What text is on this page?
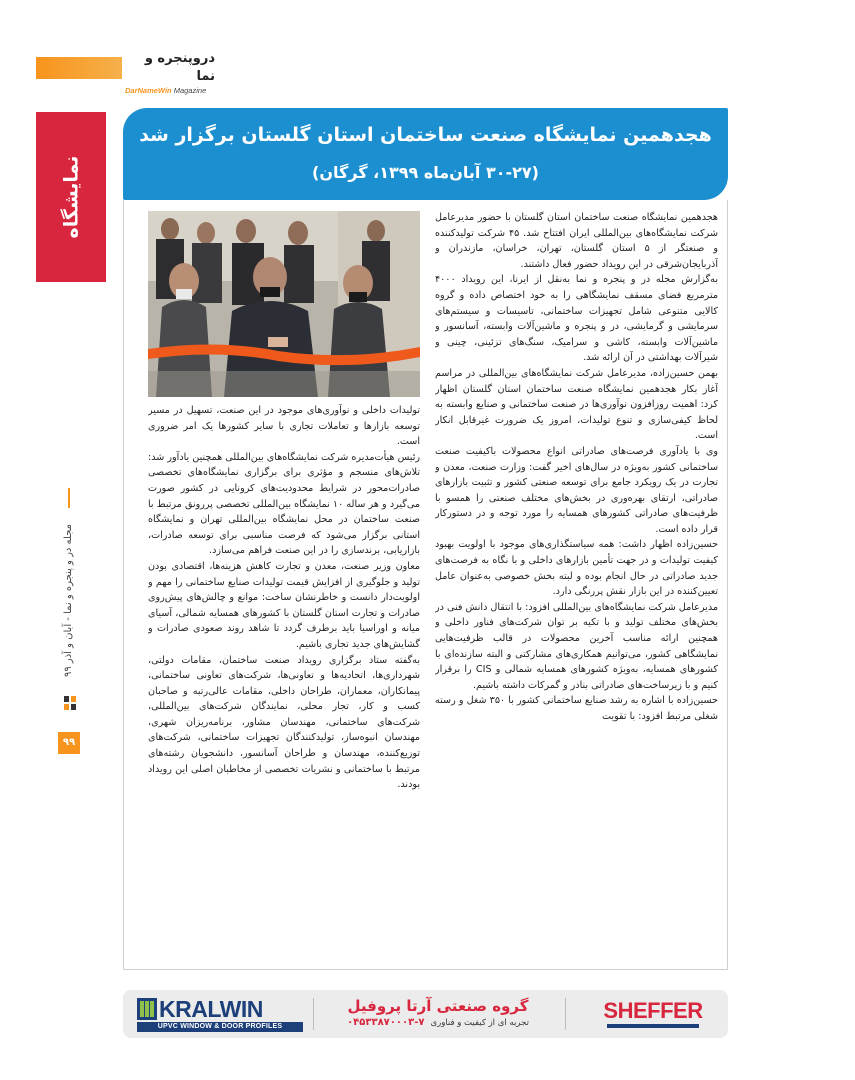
دروپنجره و نما
DarNameWin Magazine
نمایشگاه
مجله در و پنجره و نما - آبان و آذر ۹۹
۹۹
هجدهمین نمایشگاه صنعت ساختمان استان گلستان برگزار شد
(۳۰-۲۷ آبان‌ماه ۱۳۹۹، گرگان)

هجدهمین نمایشگاه صنعت ساختمان استان گلستان با حضور مدیرعامل شرکت نمایشگاه‌های بین‌المللی ایران افتتاح شد. ۴۵ شرکت تولیدکننده و صنعتگر از ۵ استان گلستان، تهران، خراسان، مازندران و آذربایجان‌شرقی در این رویداد حضور فعال داشتند.

به‌گزارش مجله در و پنجره و نما به‌نقل از ایرنا، این رویداد ۴۰۰۰ مترمربع فضای مسقف نمایشگاهی را به خود اختصاص داده و گروه کالایی متنوعی شامل تجهیزات ساختمانی، تاسیسات و سیستم‌های سرمایشی و گرمایشی، در و پنجره و ماشین‌آلات وابسته، آسانسور و ماشین‌آلات وابسته، کاشی و سرامیک، سنگ‌های تزئینی، چینی و شیرآلات بهداشتی در آن ارائه شد.

بهمن حسین‌زاده، مدیرعامل شرکت نمایشگاه‌های بین‌المللی در مراسم آغاز بکار هجدهمین نمایشگاه صنعت ساختمان استان گلستان اظهار کرد: اهمیت روزافزون نوآوری‌ها در صنعت ساختمانی و صنایع وابسته به لحاظ کیفی‌سازی و تنوع تولیدات، امروز یک ضرورت غیرقابل انکار است.

وی با یادآوری فرصت‌های صادراتی انواع محصولات باکیفیت صنعت ساختمانی کشور به‌ویژه در سال‌های اخیر گفت: وزارت صنعت، معدن و تجارت در یک رویکرد جامع برای توسعه صنعتی کشور و تثبیت بازارهای صادراتی، ارتقای بهره‌وری در بخش‌های مختلف صنعتی را همسو با ظرفیت‌های صادراتی کشورهای همسایه را مورد توجه و در دستورکار قرار داده است.

حسین‌زاده اظهار داشت: همه سیاستگذاری‌های موجود با اولویت بهبود کیفیت تولیدات و در جهت تأمین بازارهای داخلی و با نگاه به فرصت‌های جدید صادراتی در حال انجام بوده و لبته بخش خصوصی به‌عنوان عامل تعیین‌کننده در این بازار نقش پررنگی دارد.

مدیرعامل شرکت نمایشگاه‌های بین‌المللی افزود: با انتقال دانش فنی در بخش‌های مختلف تولید و با تکیه بر توان شرکت‌های فناور داخلی و همچنین ارائه مناسب آخرین محصولات در قالب ظرفیت‌هایی نمایشگاهی کشور، می‌توانیم همکاری‌های مشارکتی و البته سازنده‌ای با کشورهای همسایه، به‌ویژه کشورهای همسایه شمالی و CIS را برقرار کنیم و با زیرساخت‌های صادراتی بنادر و گمرکات داشته باشیم.

حسین‌زاده با اشاره به رشد صنایع ساختمانی کشور با ۳۵۰ شغل و رسته شغلی مرتبط افزود: با تقویت

تولیدات داخلی و نوآوری‌های موجود در این صنعت، تسهیل در مسیر توسعه بازارها و تعاملات تجاری با سایر کشورها یک امر ضروری است.

رئیس هیأت‌مدیره شرکت نمایشگاه‌های بین‌المللی همچنین یادآور شد: تلاش‌های منسجم و مؤثری برای برگزاری نمایشگاه‌های تخصصی صادرات‌محور در شرایط محدودیت‌های کرونایی در کشور صورت می‌گیرد و هر ساله ۱۰ نمایشگاه بین‌المللی تخصصی پررونق مرتبط با صنعت ساختمان در محل نمایشگاه بین‌المللی تهران و نمایشگاه استانی برگزار می‌شود که فرصت مناسبی برای توسعه صادرات، بازاریابی، برندسازی را در این صنعت فراهم می‌سازد.

معاون وزیر صنعت، معدن و تجارت کاهش هزینه‌ها، اقتصادی بودن تولید و جلوگیری از افزایش قیمت تولیدات صنایع ساختمانی را مهم و اولویت‌دار دانست و خاطرنشان ساخت: موانع و چالش‌های پیش‌روی صادرات و تجارت استان گلستان با کشورهای همسایه شمالی، آسیای میانه و اوراسیا باید برطرف گردد تا شاهد روند صعودی صادرات و گشایش‌های جدید تجاری باشیم.

به‌گفته ستاد برگزاری رویداد صنعت ساختمان، مقامات دولتی، شهرداری‌ها، اتحادیه‌ها و تعاونی‌ها، شرکت‌های تعاونی ساختمانی، پیمانکاران، معماران، طراحان داخلی، مقامات عالی‌رتبه و صاحبان کسب و کار، تجار محلی، نمایندگان شرکت‌های بین‌المللی، شرکت‌های ساختمانی، مهندسان مشاور، برنامه‌ریزان شهری، مهندسان انبوه‌ساز، تولیدکنندگان تجهیزات ساختمانی، شرکت‌های توزیع‌کننده، مهندسان و طراحان آسانسور، دانشجویان رشته‌های مرتبط با ساختمانی و نشریات تخصصی از مخاطبان اصلی این رویداد بودند.

KRALWIN
UPVC WINDOW & DOOR PROFILES
گروه صنعتی آرتا پروفیل
تجربه ای از کیفیت و فناوری۰۴۵۳۳۸۷۰۰۰۳-۷	SHEFFER
